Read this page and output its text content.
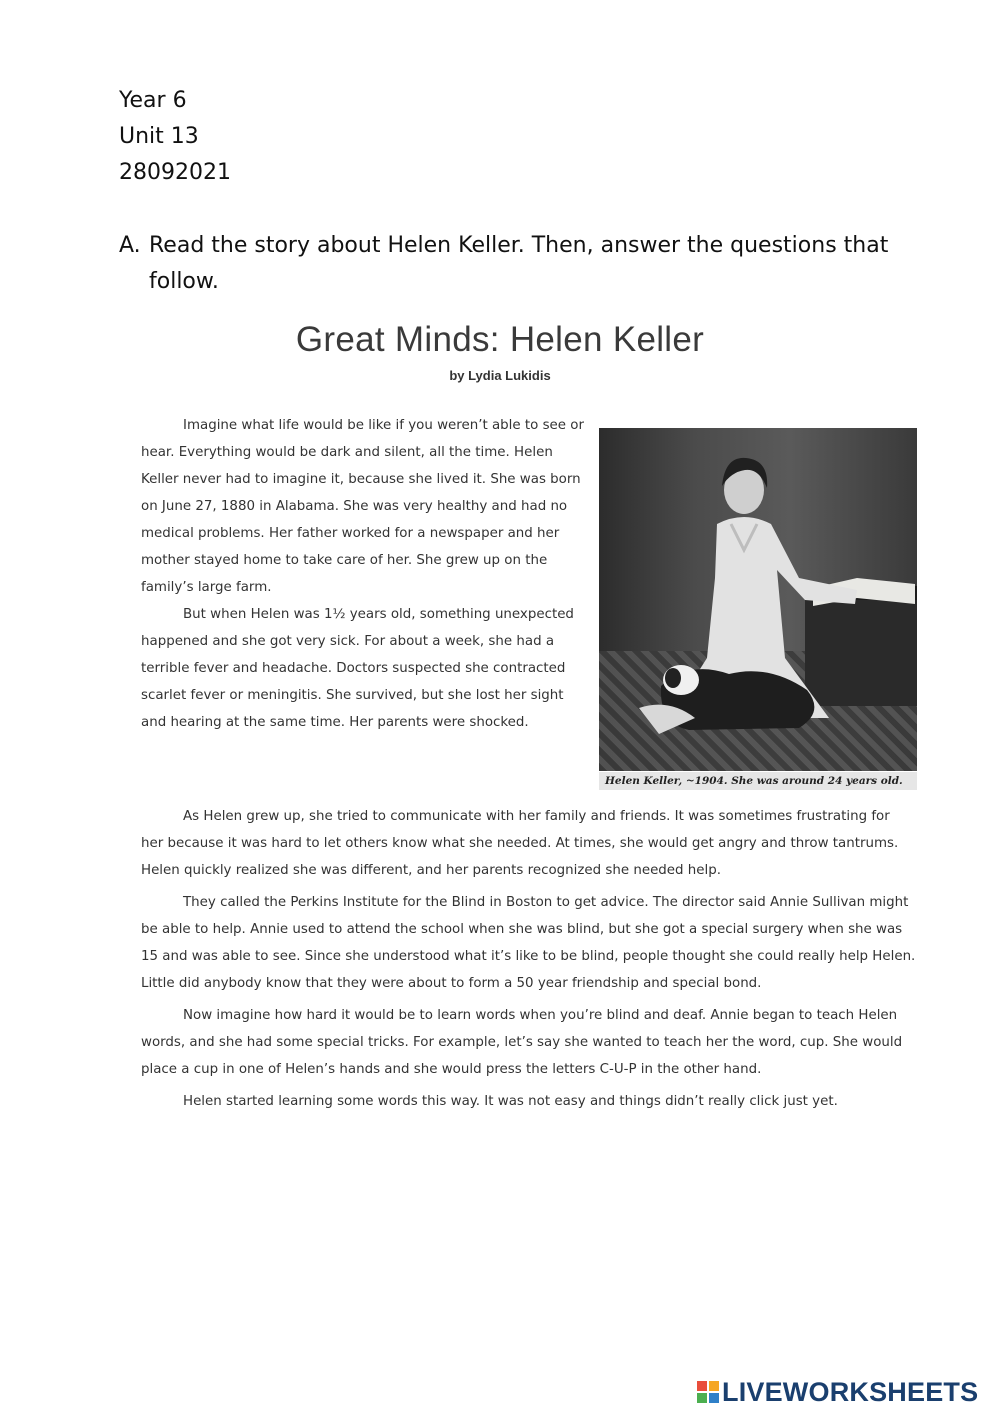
Year 6
Unit 13
28092021
A. Read the story about Helen Keller. Then, answer the questions that
follow.
Great Minds: Helen Keller
by Lydia Lukidis

Imagine what life would be like if you weren’t able to see or hear. Everything would be dark and silent, all the time. Helen Keller never had to imagine it, because she lived it. She was born on June 27, 1880 in Alabama. She was very healthy and had no medical problems. Her father worked for a newspaper and her mother stayed home to take care of her. She grew up on the family’s large farm.

But when Helen was 1½ years old, something unexpected happened and she got very sick. For about a week, she had a terrible fever and headache. Doctors suspected she contracted scarlet fever or meningitis. She survived, but she lost her sight and hearing at the same time. Her parents were shocked.

Helen Keller, ~1904. She was around 24 years old.

As Helen grew up, she tried to communicate with her family and friends. It was sometimes frustrating for her because it was hard to let others know what she needed. At times, she would get angry and throw tantrums. Helen quickly realized she was different, and her parents recognized she needed help.

They called the Perkins Institute for the Blind in Boston to get advice. The director said Annie Sullivan might be able to help. Annie used to attend the school when she was blind, but she got a special surgery when she was 15 and was able to see. Since she understood what it’s like to be blind, people thought she could really help Helen. Little did anybody know that they were about to form a 50 year friendship and special bond.

Now imagine how hard it would be to learn words when you’re blind and deaf. Annie began to teach Helen words, and she had some special tricks. For example, let’s say she wanted to teach her the word, cup. She would place a cup in one of Helen’s hands and she would press the letters C-U-P in the other hand.

Helen started learning some words this way. It was not easy and things didn’t really click just yet.

LIVEWORKSHEETS
